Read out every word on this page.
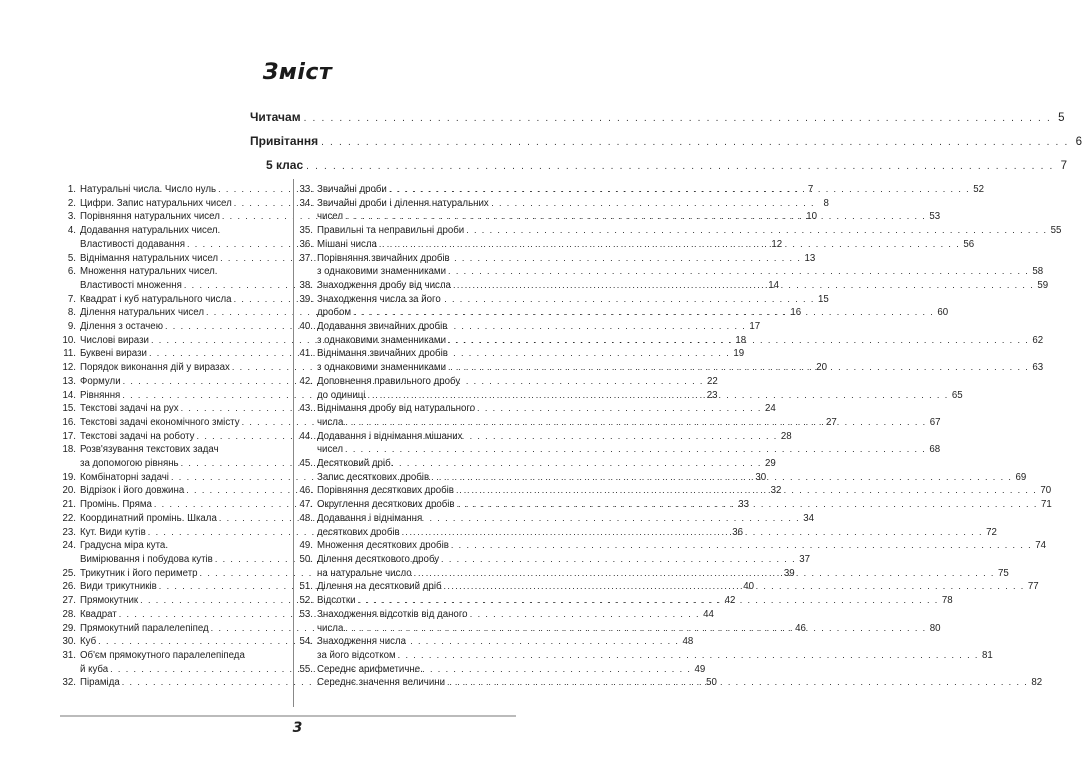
Зміст
Читачам . . .	5
Привітання . . .	6
5 клас . . .	7
1. Натуральні числа. Число нуль . . .	7
2. Цифри. Запис натуральних чисел . . .	8
3. Порівняння натуральних чисел . . .	10
4. Додавання натуральних чисел.
Властивості додавання . . .	12
5. Віднімання натуральних чисел . . .	13
6. Множення натуральних чисел.
Властивості множення . . .	14
7. Квадрат і куб натурального числа . . .	15
8. Ділення натуральних чисел . . .	16
9. Ділення з остачею . . .	17
10. Числові вирази . . .	18
11. Буквені вирази . . .	19
12. Порядок виконання дій у виразах . . .	20
13. Формули . . .	22
14. Рівняння . . .	23
15. Текстові задачі на рух . . .	24
16. Текстові задачі економічного змісту . . .	27
17. Текстові задачі на роботу . . .	28
18. Розв'язування текстових задач
за допомогою рівнянь . . .	29
19. Комбінаторні задачі . . .	30
20. Відрізок і його довжина . . .	32
21. Промінь. Пряма . . .	33
22. Координатний промінь. Шкала . . .	34
23. Кут. Види кутів . . .	36
24. Градусна міра кута.
Вимірювання і побудова кутів . . .	37
25. Трикутник і його периметр . . .	39
26. Види трикутників . . .	40
27. Прямокутник . . .	42
28. Квадрат . . .	44
29. Прямокутний паралелепіпед . . .	46
30. Куб . . .	48
31. Об'єм прямокутного паралелепіпеда
й куба . . .	49
32. Піраміда . . .	50
33. Звичайні дроби . . .	52
34. Звичайні дроби і ділення натуральних
чисел . . .	53
35. Правильні та неправильні дроби . . .	55
36. Мішані числа . . .	56
37. Порівняння звичайних дробів
з однаковими знаменниками . . .	58
38. Знаходження дробу від числа . . .	59
39. Знаходження числа за його
дробом . . .	60
40. Додавання звичайних дробів
з однаковими знаменниками . . .	62
41. Віднімання звичайних дробів
з однаковими знаменниками . . .	63
42. Доповнення правильного дробу
до одиниці . . .	65
43. Віднімання дробу від натурального
числа . . .	67
44. Додавання і віднімання мішаних
чисел . . .	68
45. Десятковий дріб.
Запис десяткових дробів . . .	69
46. Порівняння десяткових дробів . . .	70
47. Округлення десяткових дробів . . .	71
48. Додавання і віднімання
десяткових дробів . . .	72
49. Множення десяткових дробів . . .	74
50. Ділення десяткового дробу
на натуральне число . . .	75
51. Ділення на десятковий дріб . . .	77
52. Відсотки . . .	78
53. Знаходження відсотків від даного
числа . . .	80
54. Знаходження числа
за його відсотком . . .	81
55. Середнє арифметичне.
Середнє значення величини . . .	82
3
